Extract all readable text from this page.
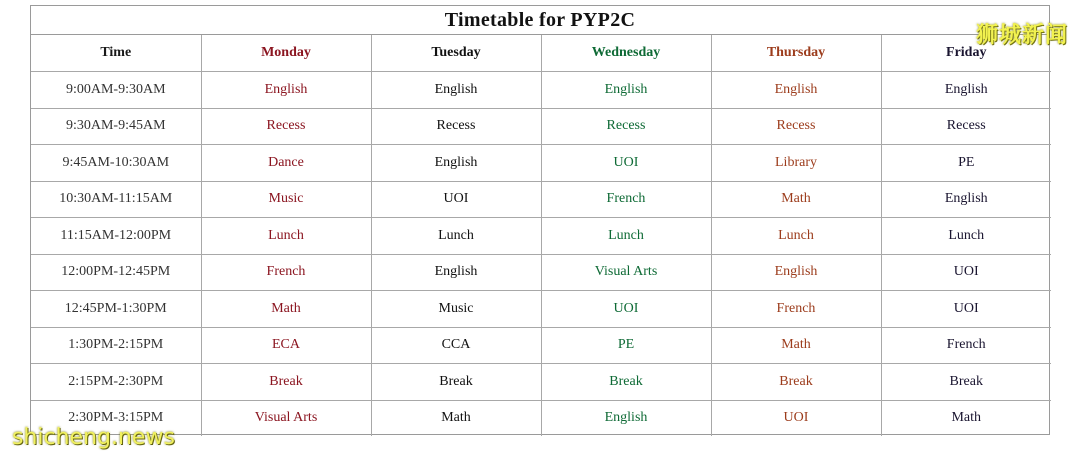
Timetable for PYP2C
Time	Monday	Tuesday	Wednesday	Thursday	Friday
9:00AM-9:30AM	English	English	English	English	English
9:30AM-9:45AM	Recess	Recess	Recess	Recess	Recess
9:45AM-10:30AM	Dance	English	UOI	Library	PE
10:30AM-11:15AM	Music	UOI	French	Math	English
11:15AM-12:00PM	Lunch	Lunch	Lunch	Lunch	Lunch
12:00PM-12:45PM	French	English	Visual Arts	English	UOI
12:45PM-1:30PM	Math	Music	UOI	French	UOI
1:30PM-2:15PM	ECA	CCA	PE	Math	French
2:15PM-2:30PM	Break	Break	Break	Break	Break
2:30PM-3:15PM	Visual Arts	Math	English	UOI	Math
狮城新闻
shicheng.news
